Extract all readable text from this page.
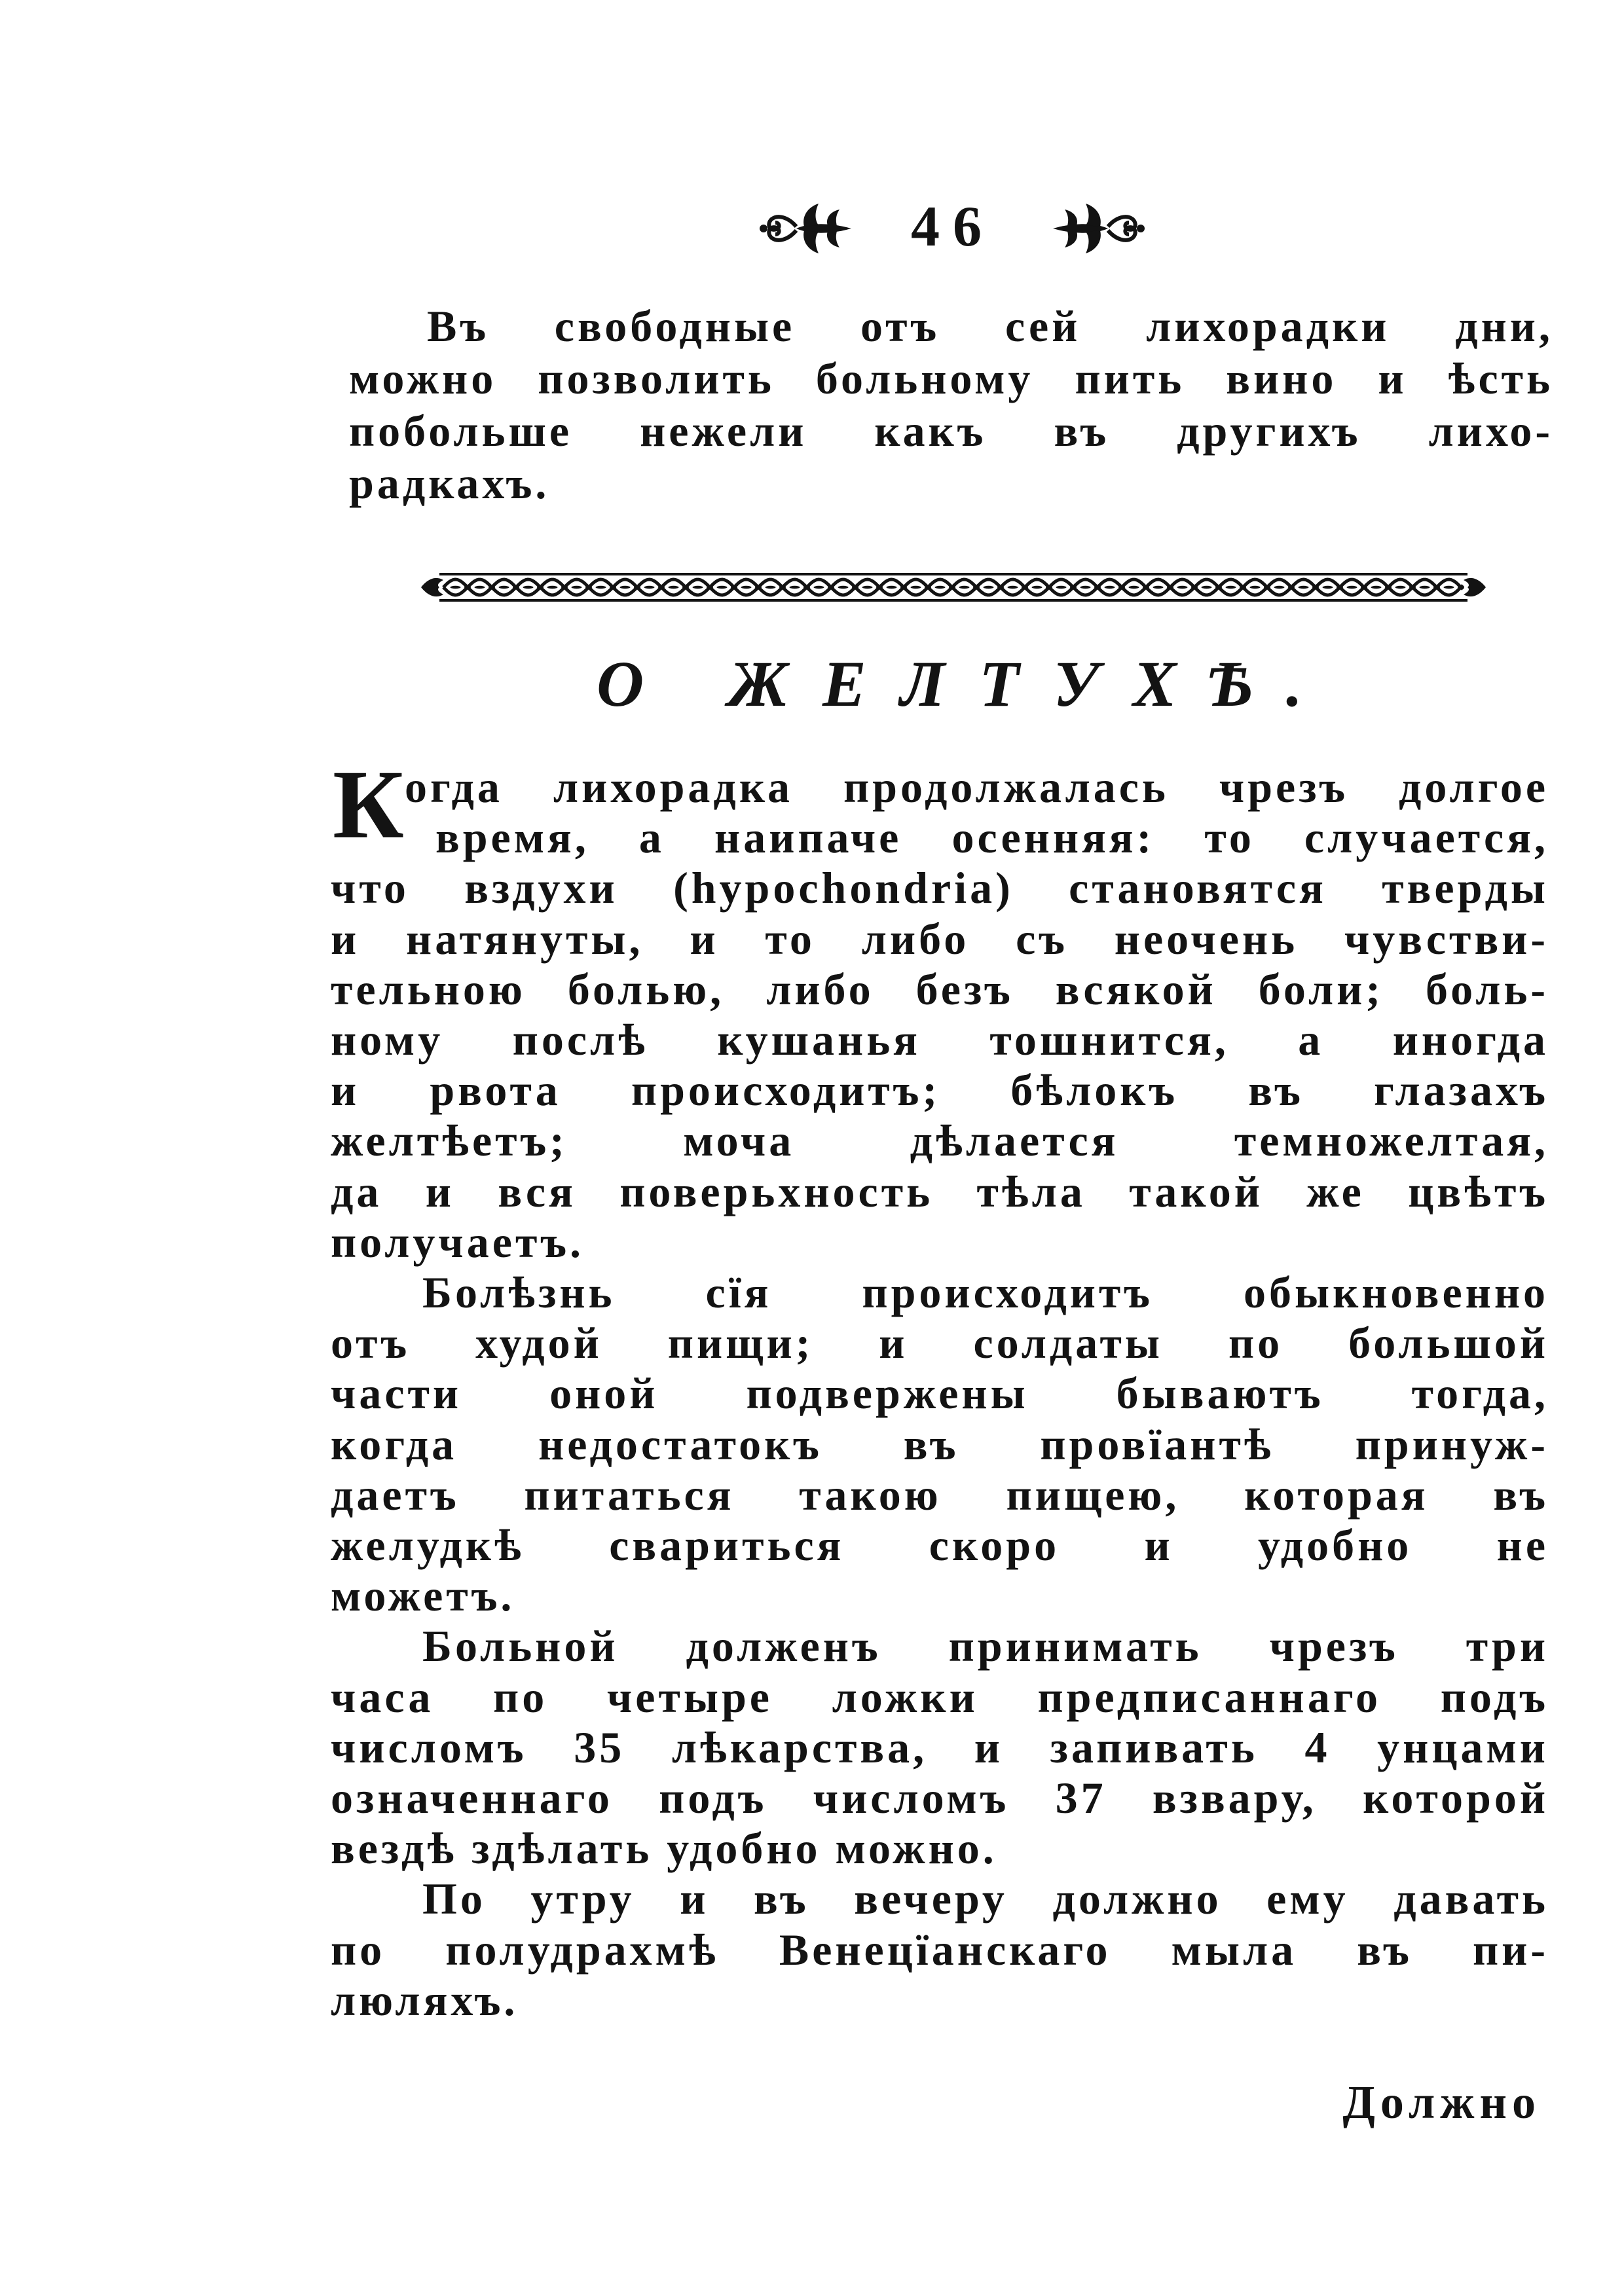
46
Въ свободные отъ сей лихорадки дни,
можно позволить больному пить вино и ѣсть
побольше нежели какъ въ другихъ лихо-
радкахъ.
О ЖЕЛТУХѢ.
К огда лихорадка продолжалась чрезъ долгое
время, а наипаче осенняя: то случается,
что вздухи (hypochondria) становятся тверды
и натянуты, и то либо съ неочень чувстви-
тельною болью, либо безъ всякой боли; боль-
ному послѣ кушанья тошнится, а иногда
и рвота происходитъ; бѣлокъ въ глазахъ
желтѣетъ; моча дѣлается темножелтая,
да и вся поверьхность тѣла такой же цвѣтъ
получаетъ.
Болѣзнь сїя происходитъ обыкновенно
отъ худой пищи; и солдаты по большой
части оной подвержены бываютъ тогда,
когда недостатокъ въ провїантѣ принуж-
даетъ питаться такою пищею, которая въ
желудкѣ свариться скоро и удобно не
можетъ.
Больной долженъ принимать чрезъ три
часа по четыре ложки предписаннаго подъ
числомъ 35 лѣкарства, и запивать 4 унцами
означеннаго подъ числомъ 37 взвару, которой
вездѣ здѣлать удобно можно.
По утру и въ вечеру должно ему давать
по полудрахмѣ Венецїанскаго мыла въ пи-
люляхъ.
Должно
